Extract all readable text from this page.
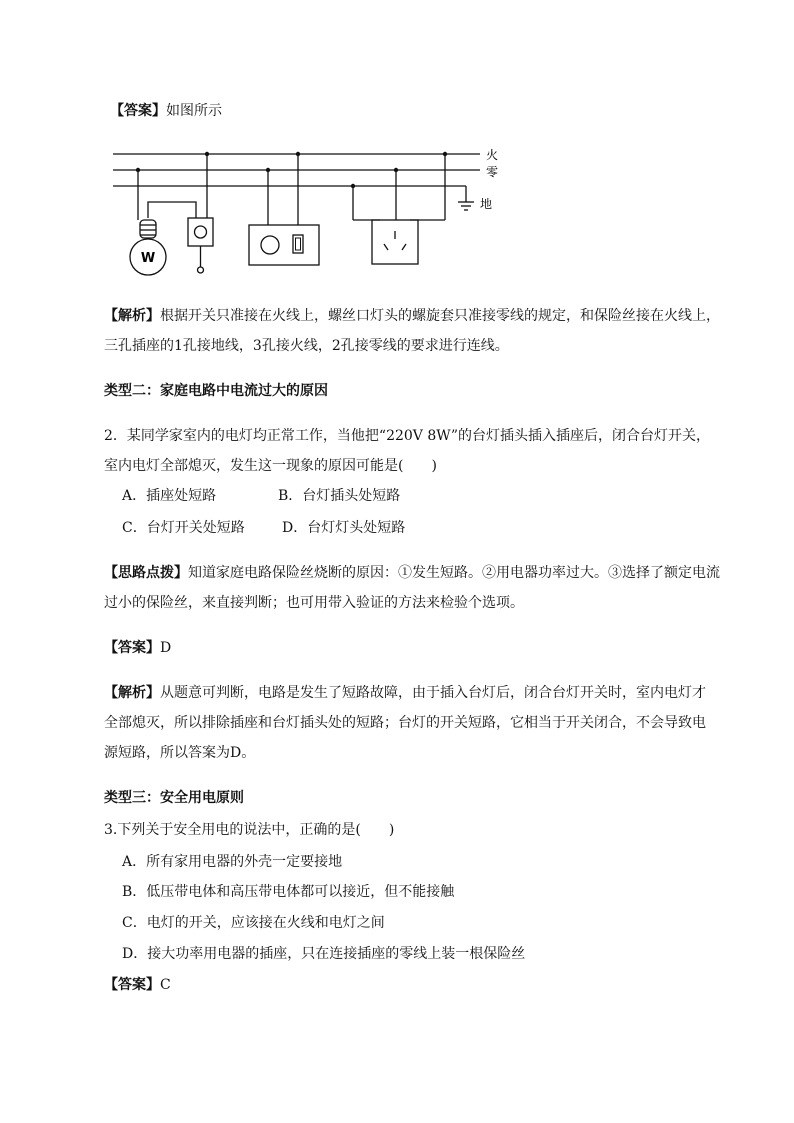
【答案】如图所示
W
火
零
地
【解析】根据开关只准接在火线上，螺丝口灯头的螺旋套只准接零线的规定，和保险丝接在火线上，
三孔插座的1孔接地线，3孔接火线，2孔接零线的要求进行连线。
类型二：家庭电路中电流过大的原因
2．某同学家室内的电灯均正常工作，当他把“220V 8W”的台灯插头插入插座后，闭合台灯开关，
室内电灯全部熄灭，发生这一现象的原因可能是(　　)
A．插座处短路	B．台灯插头处短路
C．台灯开关处短路	D．台灯灯头处短路
【思路点拨】知道家庭电路保险丝烧断的原因：①发生短路。②用电器功率过大。③选择了额定电流
过小的保险丝，来直接判断；也可用带入验证的方法来检验个选项。
【答案】D
【解析】从题意可判断，电路是发生了短路故障，由于插入台灯后，闭合台灯开关时，室内电灯才
全部熄灭，所以排除插座和台灯插头处的短路；台灯的开关短路，它相当于开关闭合，不会导致电
源短路，所以答案为D。
类型三：安全用电原则
3.下列关于安全用电的说法中，正确的是(　　)
A．所有家用电器的外壳一定要接地
B．低压带电体和高压带电体都可以接近，但不能接触
C．电灯的开关，应该接在火线和电灯之间
D．接大功率用电器的插座，只在连接插座的零线上装一根保险丝
【答案】C
